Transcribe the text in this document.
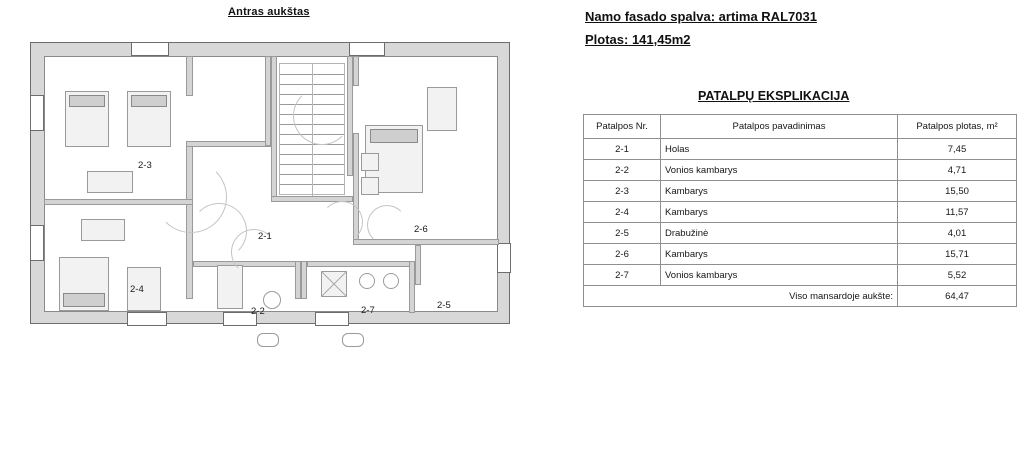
Antras aukštas
2-3
2-1
2-6
2-4
2-2	2-7	2-5
Namo fasado spalva: artima RAL7031
Plotas: 141,45m2
PATALPŲ EKSPLIKACIJA
Patalpos Nr.	Patalpos pavadinimas	Patalpos plotas, m²
2-1	Holas	7,45
2-2	Vonios kambarys	4,71
2-3	Kambarys	15,50
2-4	Kambarys	11,57
2-5	Drabužinė	4,01
2-6	Kambarys	15,71
2-7	Vonios kambarys	5,52
Viso mansardoje aukšte:		64,47
